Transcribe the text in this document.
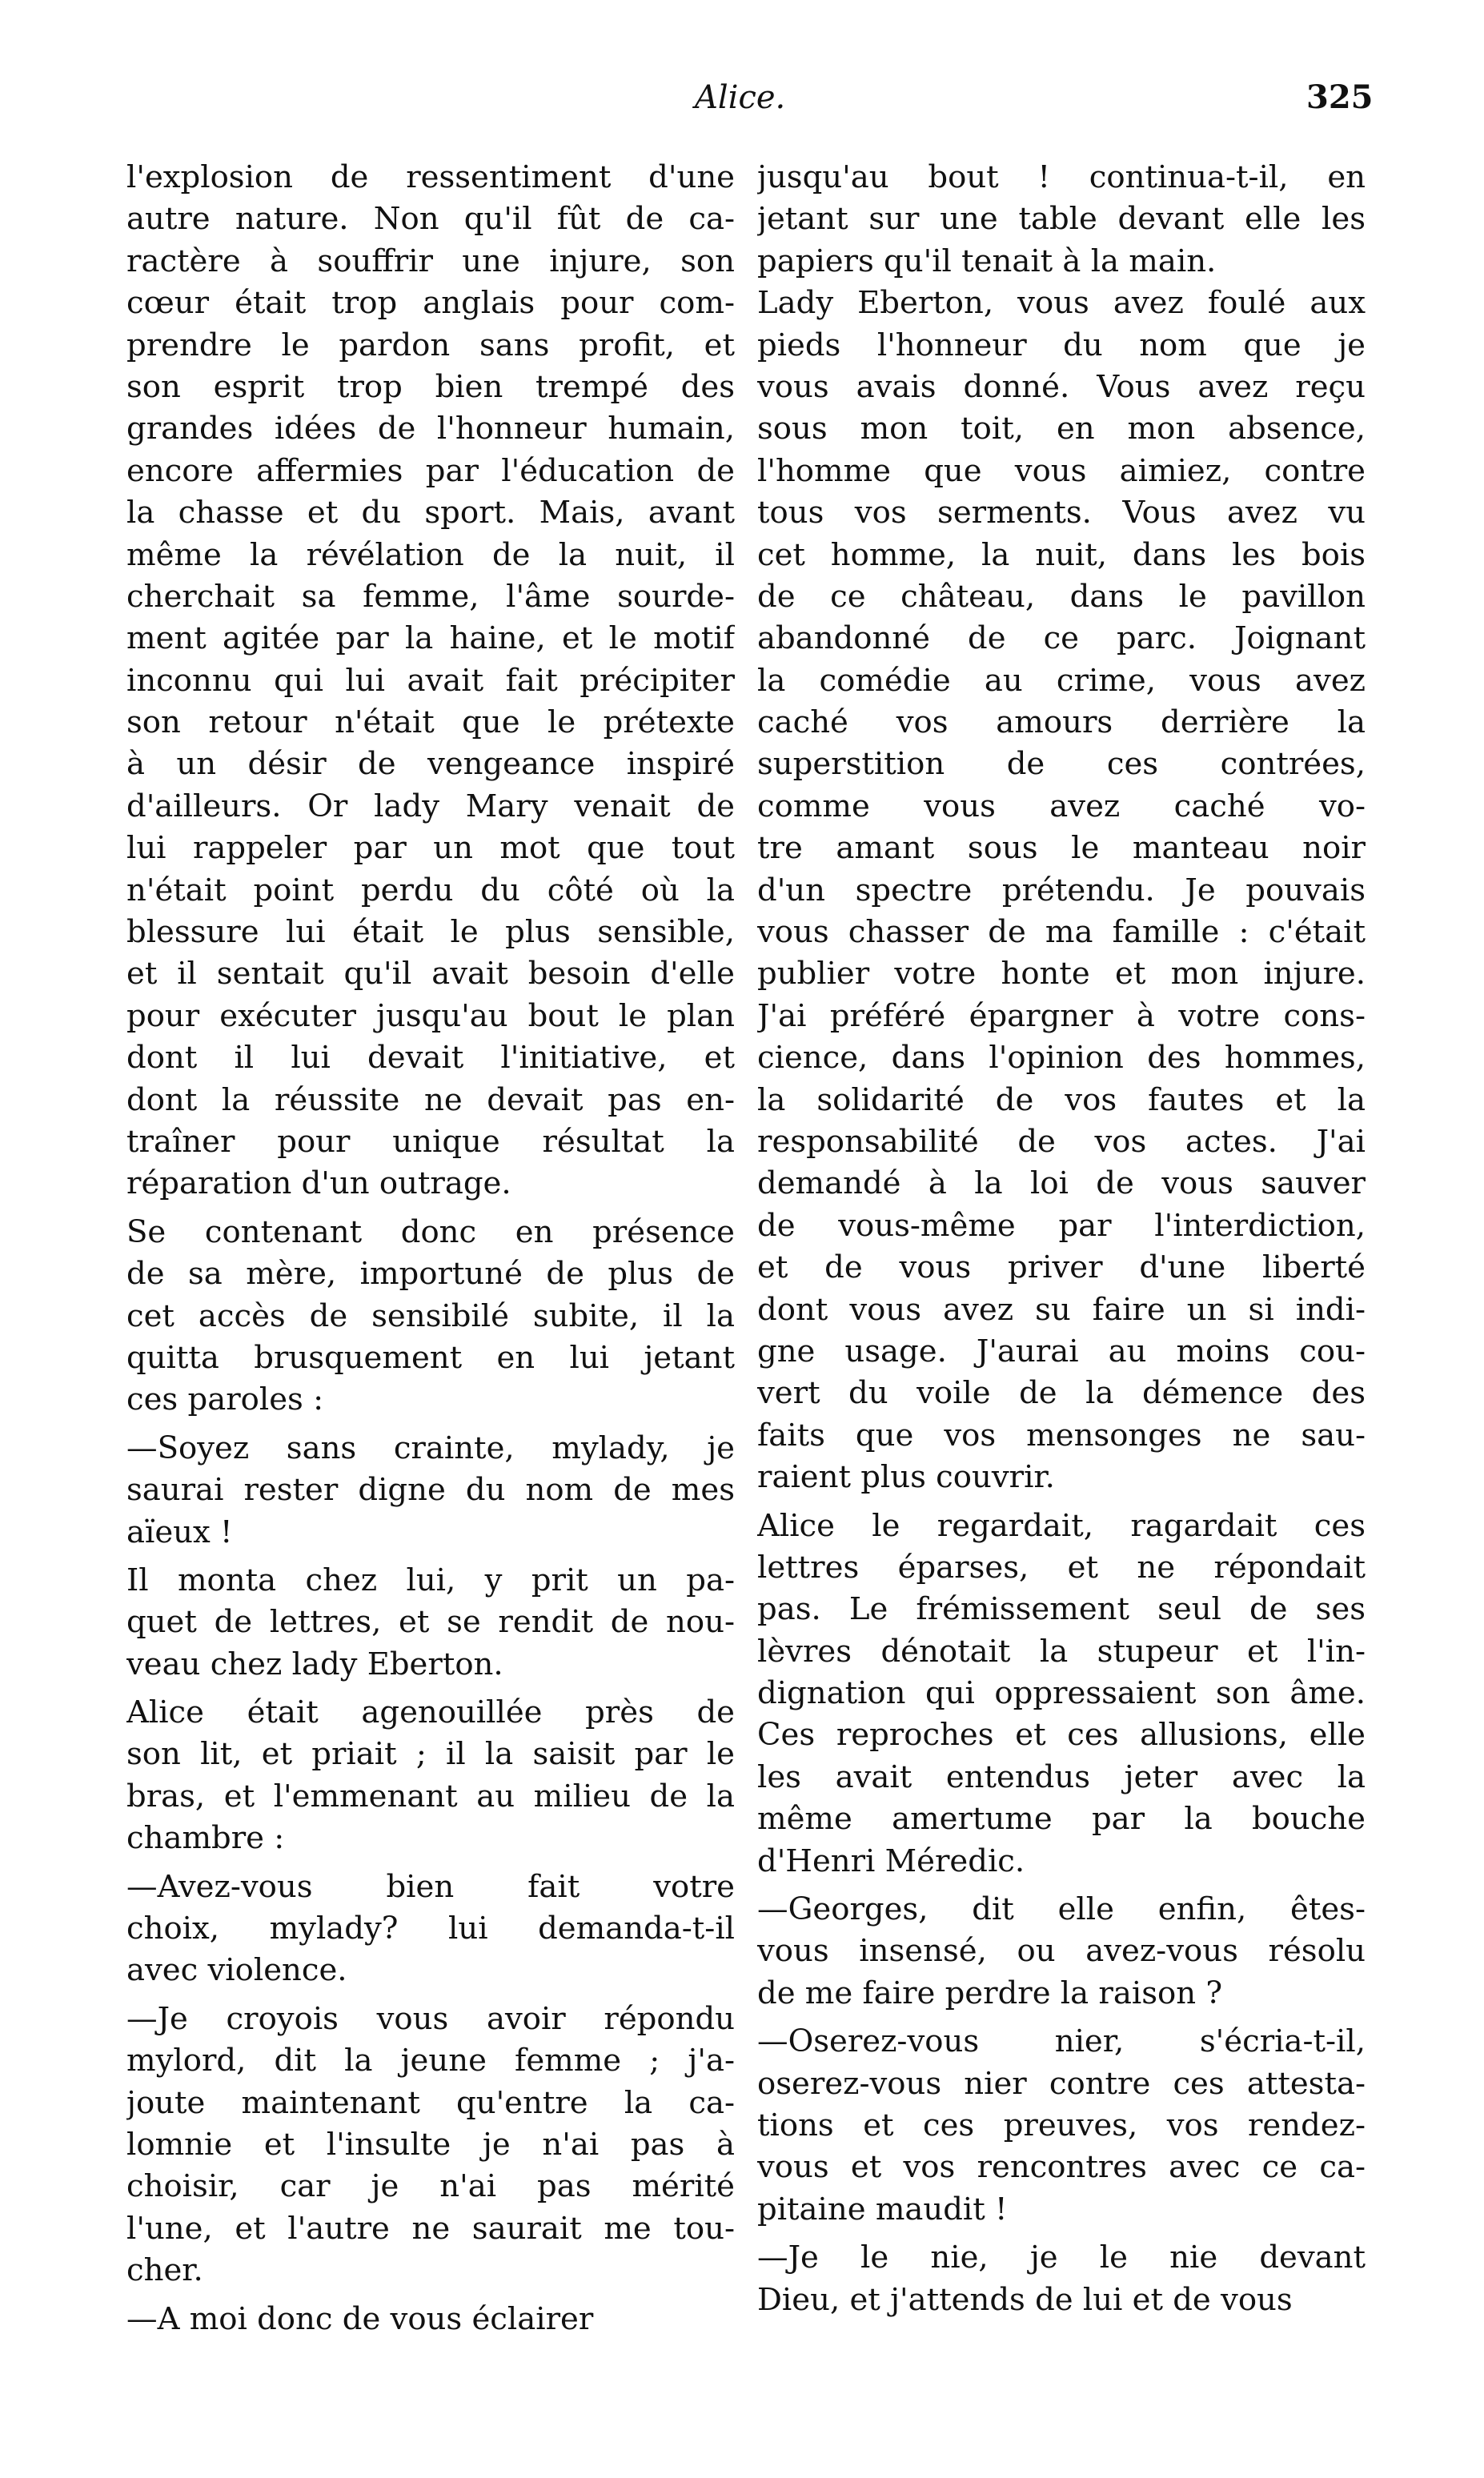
Alice.	325
l'explosion de ressentiment d'une
autre nature. Non qu'il fût de ca-
ractère à souffrir une injure, son
cœur était trop anglais pour com-
prendre le pardon sans profit, et
son esprit trop bien trempé des
grandes idées de l'honneur humain,
encore affermies par l'éducation de
la chasse et du sport. Mais, avant
même la révélation de la nuit, il
cherchait sa femme, l'âme sourde-
ment agitée par la haine, et le motif
inconnu qui lui avait fait précipiter
son retour n'était que le prétexte
à un désir de vengeance inspiré
d'ailleurs. Or lady Mary venait de
lui rappeler par un mot que tout
n'était point perdu du côté où la
blessure lui était le plus sensible,
et il sentait qu'il avait besoin d'elle
pour exécuter jusqu'au bout le plan
dont il lui devait l'initiative, et
dont la réussite ne devait pas en-
traîner pour unique résultat la
réparation d'un outrage.
Se contenant donc en présence
de sa mère, importuné de plus de
cet accès de sensibilé subite, il la
quitta brusquement en lui jetant
ces paroles :
—Soyez sans crainte, mylady, je
saurai rester digne du nom de mes
aïeux !
Il monta chez lui, y prit un pa-
quet de lettres, et se rendit de nou-
veau chez lady Eberton.
Alice était agenouillée près de
son lit, et priait ; il la saisit par le
bras, et l'emmenant au milieu de la
chambre :
—Avez-vous bien fait votre
choix, mylady? lui demanda-t-il
avec violence.
—Je croyois vous avoir répondu
mylord, dit la jeune femme ; j'a-
joute maintenant qu'entre la ca-
lomnie et l'insulte je n'ai pas à
choisir, car je n'ai pas mérité
l'une, et l'autre ne saurait me tou-
cher.
—A moi donc de vous éclairer
jusqu'au bout ! continua-t-il, en
jetant sur une table devant elle les
papiers qu'il tenait à la main.
Lady Eberton, vous avez foulé aux
pieds l'honneur du nom que je
vous avais donné. Vous avez reçu
sous mon toit, en mon absence,
l'homme que vous aimiez, contre
tous vos serments. Vous avez vu
cet homme, la nuit, dans les bois
de ce château, dans le pavillon
abandonné de ce parc. Joignant
la comédie au crime, vous avez
caché vos amours derrière la
superstition de ces contrées,
comme vous avez caché vo-
tre amant sous le manteau noir
d'un spectre prétendu. Je pouvais
vous chasser de ma famille : c'était
publier votre honte et mon injure.
J'ai préféré épargner à votre cons-
cience, dans l'opinion des hommes,
la solidarité de vos fautes et la
responsabilité de vos actes. J'ai
demandé à la loi de vous sauver
de vous-même par l'interdiction,
et de vous priver d'une liberté
dont vous avez su faire un si indi-
gne usage. J'aurai au moins cou-
vert du voile de la démence des
faits que vos mensonges ne sau-
raient plus couvrir.
Alice le regardait, ragardait ces
lettres éparses, et ne répondait
pas. Le frémissement seul de ses
lèvres dénotait la stupeur et l'in-
dignation qui oppressaient son âme.
Ces reproches et ces allusions, elle
les avait entendus jeter avec la
même amertume par la bouche
d'Henri Méredic.
—Georges, dit elle enfin, êtes-
vous insensé, ou avez-vous résolu
de me faire perdre la raison ?
—Oserez-vous nier, s'écria-t-il,
oserez-vous nier contre ces attesta-
tions et ces preuves, vos rendez-
vous et vos rencontres avec ce ca-
pitaine maudit !
—Je le nie, je le nie devant
Dieu, et j'attends de lui et de vous
